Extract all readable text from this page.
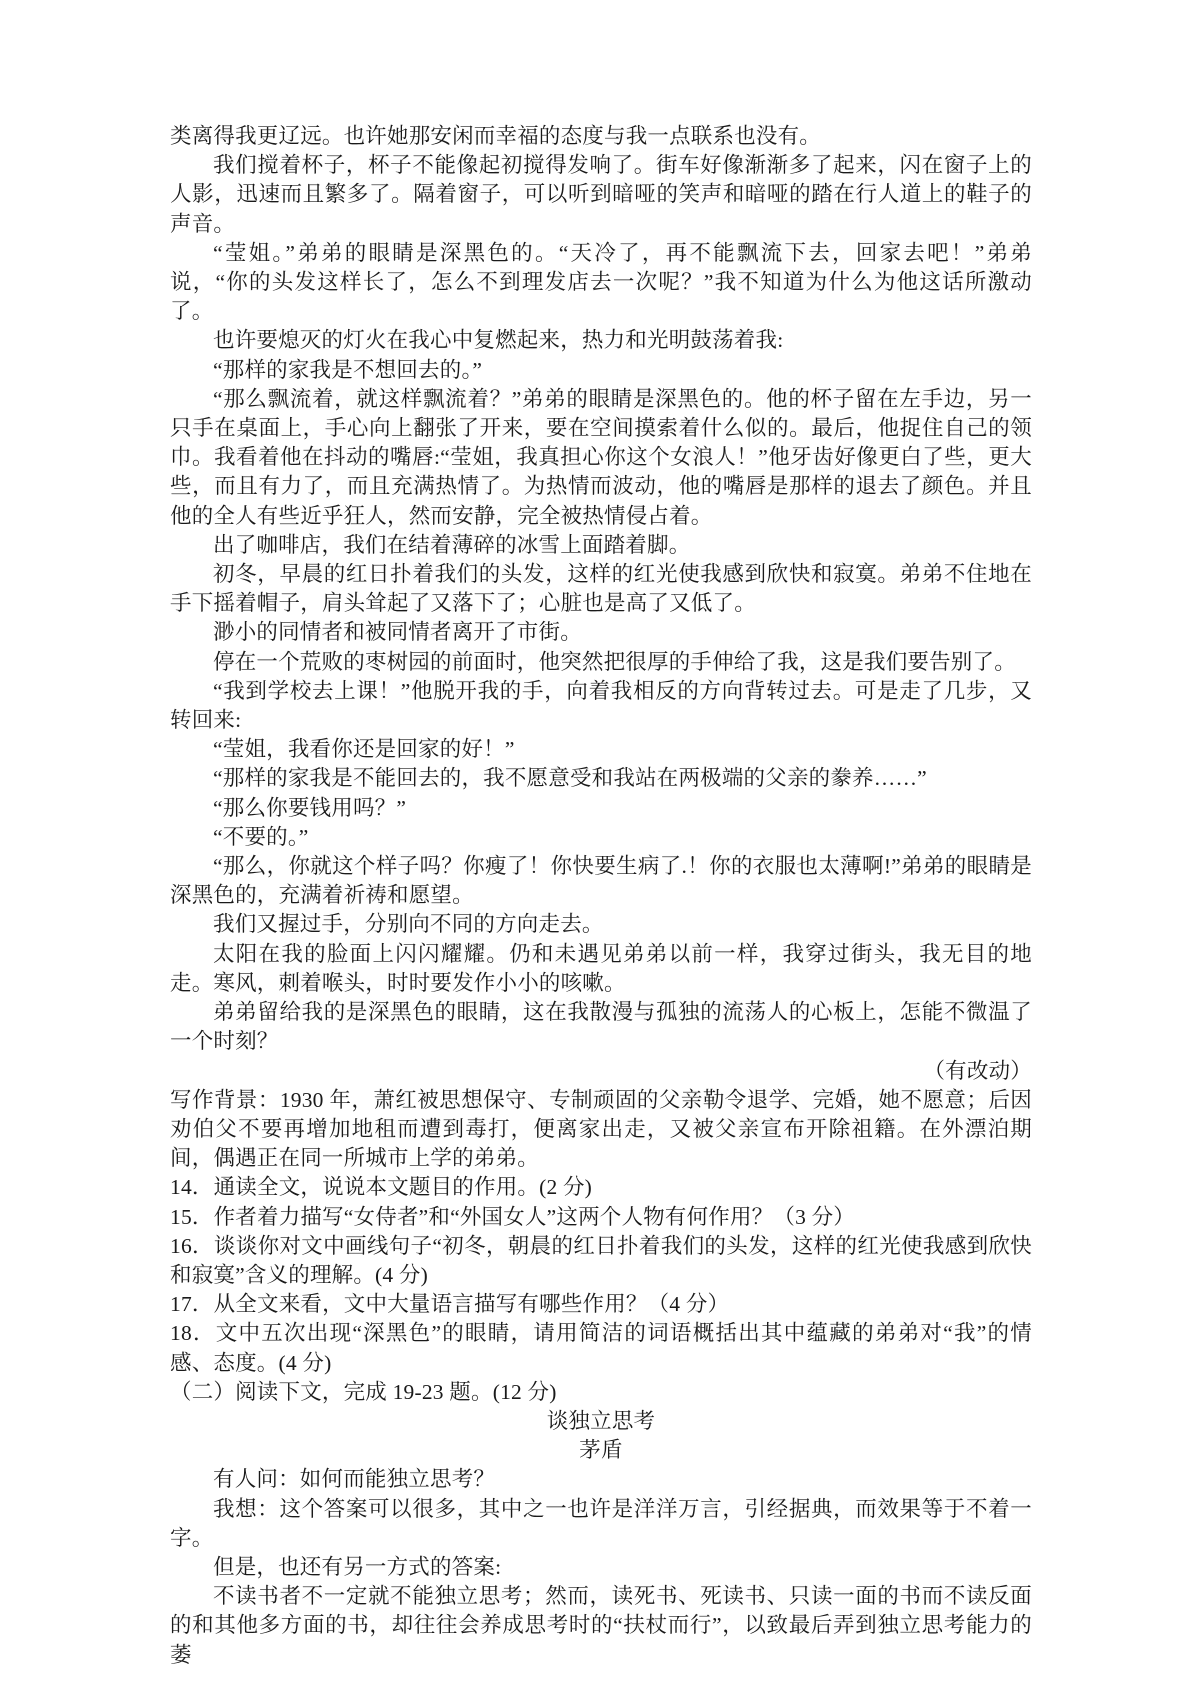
类离得我更辽远。也许她那安闲而幸福的态度与我一点联系也没有。

我们搅着杯子，杯子不能像起初搅得发响了。街车好像渐渐多了起来，闪在窗子上的人影，迅速而且繁多了。隔着窗子，可以听到暗哑的笑声和暗哑的踏在行人道上的鞋子的声音。

“莹姐。”弟弟的眼睛是深黑色的。“天冷了，再不能飘流下去，回家去吧！”弟弟说，“你的头发这样长了，怎么不到理发店去一次呢？”我不知道为什么为他这话所激动了。

也许要熄灭的灯火在我心中复燃起来，热力和光明鼓荡着我:

“那样的家我是不想回去的。”

“那么飘流着，就这样飘流着？”弟弟的眼睛是深黑色的。他的杯子留在左手边，另一只手在桌面上，手心向上翻张了开来，要在空间摸索着什么似的。最后，他捉住自己的领巾。我看着他在抖动的嘴唇:“莹姐，我真担心你这个女浪人！”他牙齿好像更白了些，更大些，而且有力了，而且充满热情了。为热情而波动，他的嘴唇是那样的退去了颜色。并且他的全人有些近乎狂人，然而安静，完全被热情侵占着。

出了咖啡店，我们在结着薄碎的冰雪上面踏着脚。

初冬，早晨的红日扑着我们的头发，这样的红光使我感到欣快和寂寞。弟弟不住地在手下摇着帽子，肩头耸起了又落下了；心脏也是高了又低了。

渺小的同情者和被同情者离开了市街。

停在一个荒败的枣树园的前面时，他突然把很厚的手伸给了我，这是我们要告别了。

“我到学校去上课！”他脱开我的手，向着我相反的方向背转过去。可是走了几步，又转回来:

“莹姐，我看你还是回家的好！”

“那样的家我是不能回去的，我不愿意受和我站在两极端的父亲的豢养……”

“那么你要钱用吗？”

“不要的。”

“那么，你就这个样子吗？你瘦了！你快要生病了.！你的衣服也太薄啊!”弟弟的眼睛是深黑色的，充满着祈祷和愿望。

我们又握过手，分别向不同的方向走去。

太阳在我的脸面上闪闪耀耀。仍和未遇见弟弟以前一样，我穿过街头，我无目的地走。寒风，刺着喉头，时时要发作小小的咳嗽。

弟弟留给我的是深黑色的眼睛，这在我散漫与孤独的流荡人的心板上，怎能不微温了一个时刻？

（有改动）

写作背景：1930 年，萧红被思想保守、专制顽固的父亲勒令退学、完婚，她不愿意；后因劝伯父不要再增加地租而遭到毒打，便离家出走，又被父亲宣布开除祖籍。在外漂泊期间，偶遇正在同一所城市上学的弟弟。

14．通读全文，说说本文题目的作用。(2 分)

15．作者着力描写“女侍者”和“外国女人”这两个人物有何作用？（3 分）

16．谈谈你对文中画线句子“初冬，朝晨的红日扑着我们的头发，这样的红光使我感到欣快和寂寞”含义的理解。(4 分)

17．从全文来看，文中大量语言描写有哪些作用？（4 分）

18．文中五次出现“深黑色”的眼睛，请用简洁的词语概括出其中蕴藏的弟弟对“我”的情感、态度。(4 分)

（二）阅读下文，完成 19-23 题。(12 分)

谈独立思考

茅盾

有人问：如何而能独立思考？

我想：这个答案可以很多，其中之一也许是洋洋万言，引经据典，而效果等于不着一字。

但是，也还有另一方式的答案:

不读书者不一定就不能独立思考；然而，读死书、死读书、只读一面的书而不读反面的和其他多方面的书，却往往会养成思考时的“扶杖而行”，以致最后弄到独立思考能力的萎
